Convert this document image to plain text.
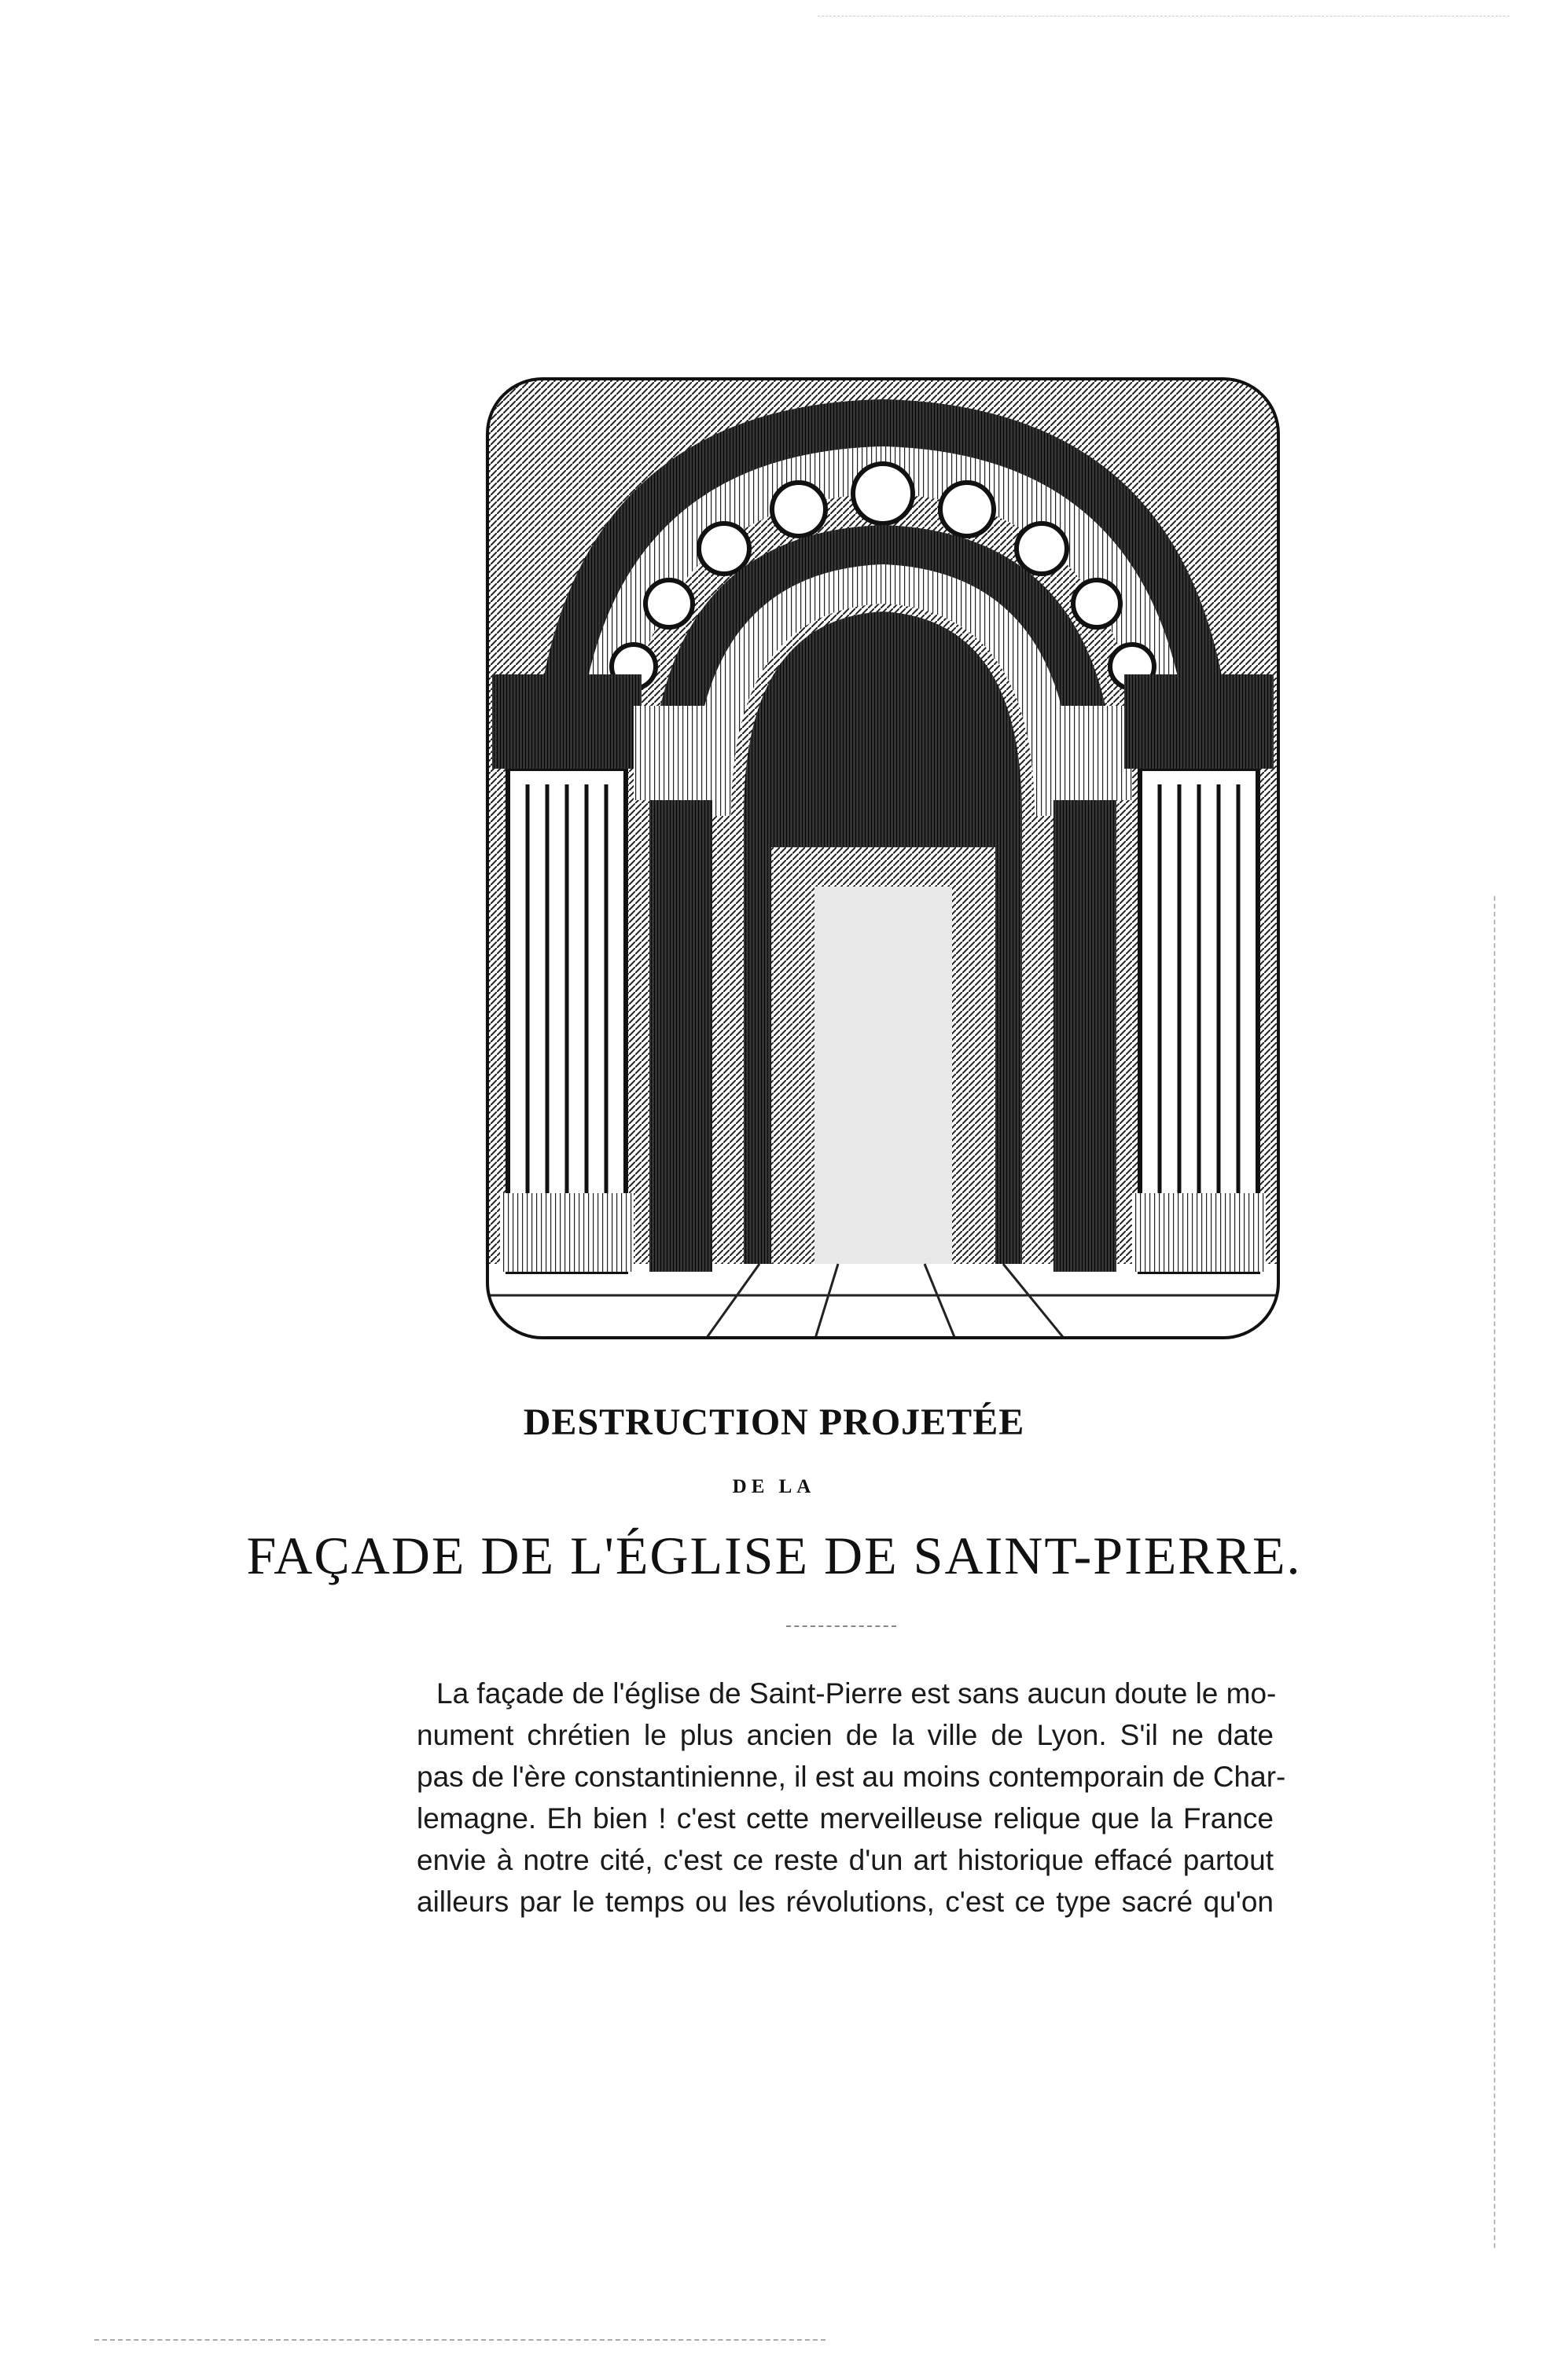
DESTRUCTION PROJETÉE
DE LA
FAÇADE DE L'ÉGLISE DE SAINT-PIERRE.
La façade de l'église de Saint-Pierre est sans aucun doute le mo-
nument chrétien le plus ancien de la ville de Lyon. S'il ne date
pas de l'ère constantinienne, il est au moins contemporain de Char-
lemagne. Eh bien ! c'est cette merveilleuse relique que la France
envie à notre cité, c'est ce reste d'un art historique effacé partout
ailleurs par le temps ou les révolutions, c'est ce type sacré qu'on
